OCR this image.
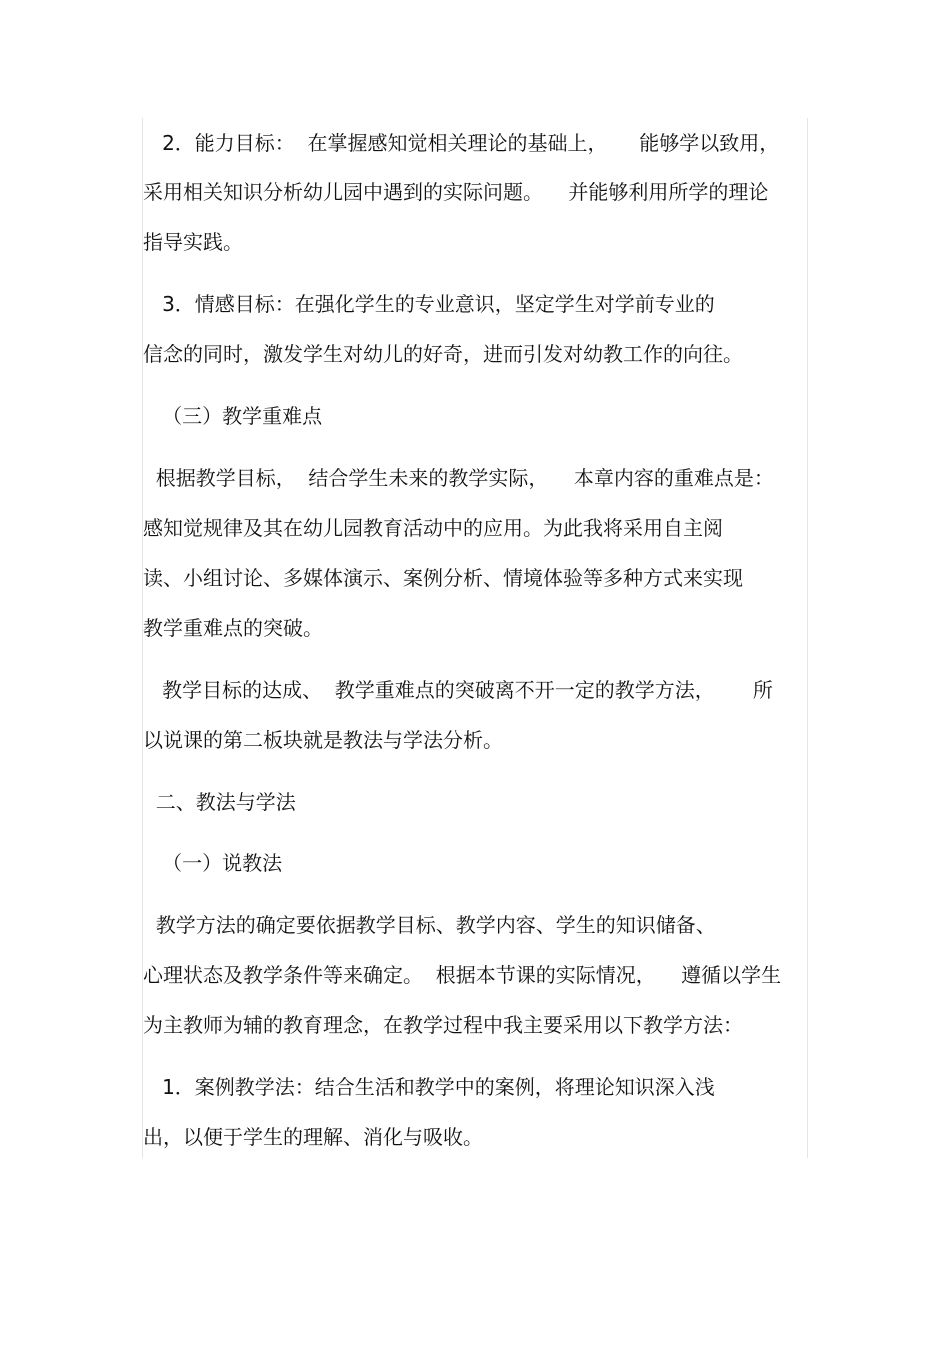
2．能力目标：  在掌握感知觉相关理论的基础上，     能够学以致用，
采用相关知识分析幼儿园中遇到的实际问题。    并能够利用所学的理论
指导实践。
3．情感目标：在强化学生的专业意识，坚定学生对学前专业的
信念的同时，激发学生对幼儿的好奇，进而引发对幼教工作的向往。
（三）教学重难点
根据教学目标，  结合学生未来的教学实际，    本章内容的重难点是：
感知觉规律及其在幼儿园教育活动中的应用。为此我将采用自主阅
读、小组讨论、多媒体演示、案例分析、情境体验等多种方式来实现
教学重难点的突破。
教学目标的达成、  教学重难点的突破离不开一定的教学方法，      所
以说课的第二板块就是教法与学法分析。
二、教法与学法
（一）说教法
教学方法的确定要依据教学目标、教学内容、学生的知识储备、
心理状态及教学条件等来确定。  根据本节课的实际情况，    遵循以学生
为主教师为辅的教育理念，在教学过程中我主要采用以下教学方法：
1．案例教学法：结合生活和教学中的案例，将理论知识深入浅
出，以便于学生的理解、消化与吸收。
